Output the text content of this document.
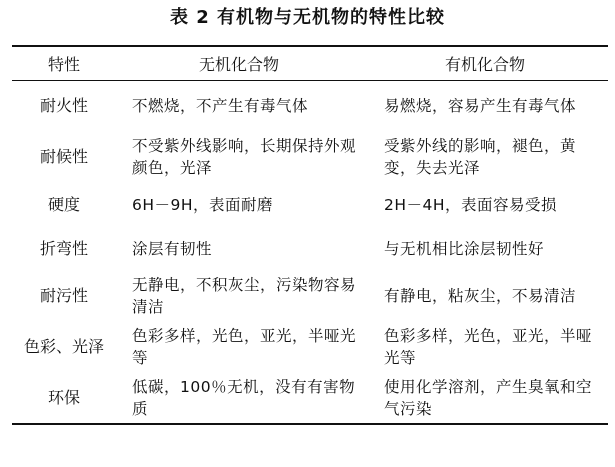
表 2 有机物与无机物的特性比较
特性	无机化合物	有机化合物
耐火性	不燃烧，不产生有毒气体	易燃烧，容易产生有毒气体
耐候性	不受紫外线影响，长期保持外观颜色，光泽	受紫外线的影响，褪色，黄变，失去光泽
硬度	6H－9H，表面耐磨	2H－4H，表面容易受损
折弯性	涂层有韧性	与无机相比涂层韧性好
耐污性	无静电，不积灰尘，污染物容易清洁	有静电，粘灰尘，不易清洁
色彩、光泽	色彩多样，光色，亚光，半哑光等	色彩多样，光色，亚光，半哑光等
环保	低碳，100％无机，没有有害物质	使用化学溶剂，产生臭氧和空气污染
